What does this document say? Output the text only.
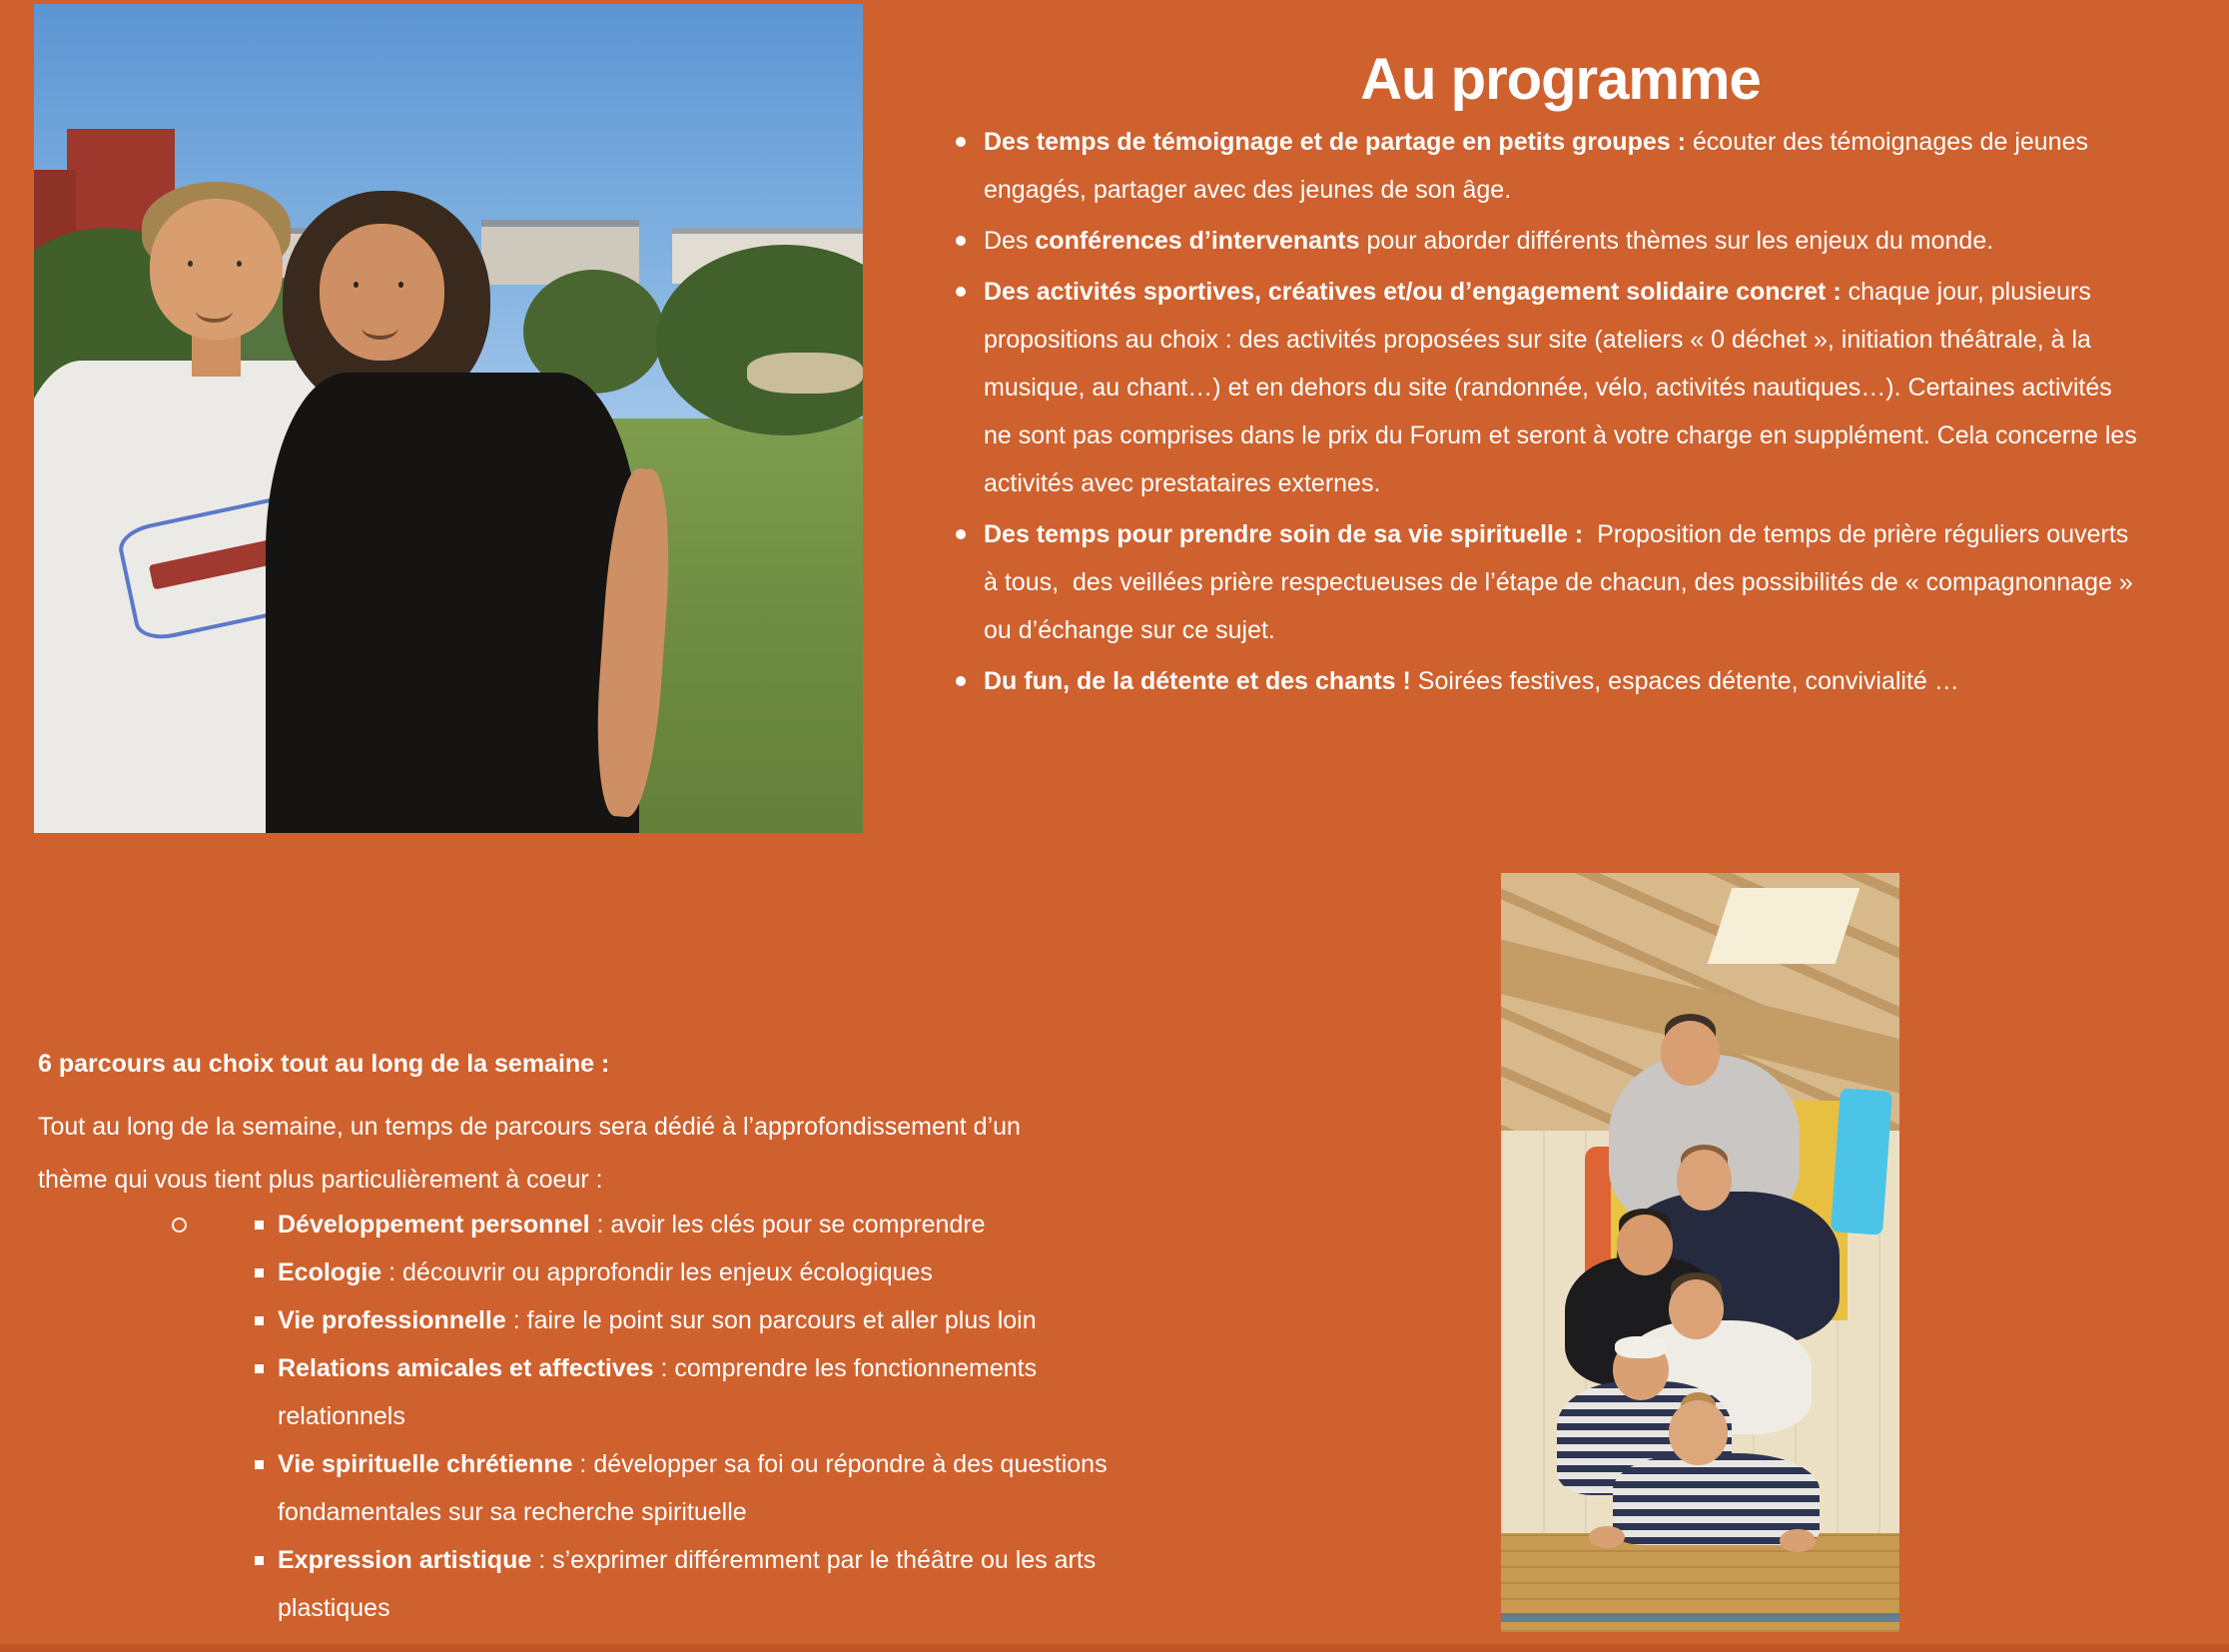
Au programme
Des temps de témoignage et de partage en petits groupes : écouter des témoignages de jeunes engagés, partager avec des jeunes de son âge.
Des conférences d’intervenants pour aborder différents thèmes sur les enjeux du monde.
Des activités sportives, créatives et/ou d’engagement solidaire concret : chaque jour, plusieurs propositions au choix : des activités proposées sur site (ateliers « 0 déchet », initiation théâtrale, à la musique, au chant…) et en dehors du site (randonnée, vélo, activités nautiques…). Certaines activités ne sont pas comprises dans le prix du Forum et seront à votre charge en supplément. Cela concerne les activités avec prestataires externes.
Des temps pour prendre soin de sa vie spirituelle :  Proposition de temps de prière réguliers ouverts à tous,  des veillées prière respectueuses de l’étape de chacun, des possibilités de « compagnonnage » ou d’échange sur ce sujet.
Du fun, de la détente et des chants ! Soirées festives, espaces détente, convivialité …

6 parcours au choix tout au long de la semaine :

Tout au long de la semaine, un temps de parcours sera dédié à l’approfondissement d’un thème qui vous tient plus particulièrement à coeur :

Développement personnel : avoir les clés pour se comprendre
Ecologie : découvrir ou approfondir les enjeux écologiques
Vie professionnelle : faire le point sur son parcours et aller plus loin
Relations amicales et affectives : comprendre les fonctionnements relationnels
Vie spirituelle chrétienne : développer sa foi ou répondre à des questions fondamentales sur sa recherche spirituelle
Expression artistique : s’exprimer différemment par le théâtre ou les arts plastiques
